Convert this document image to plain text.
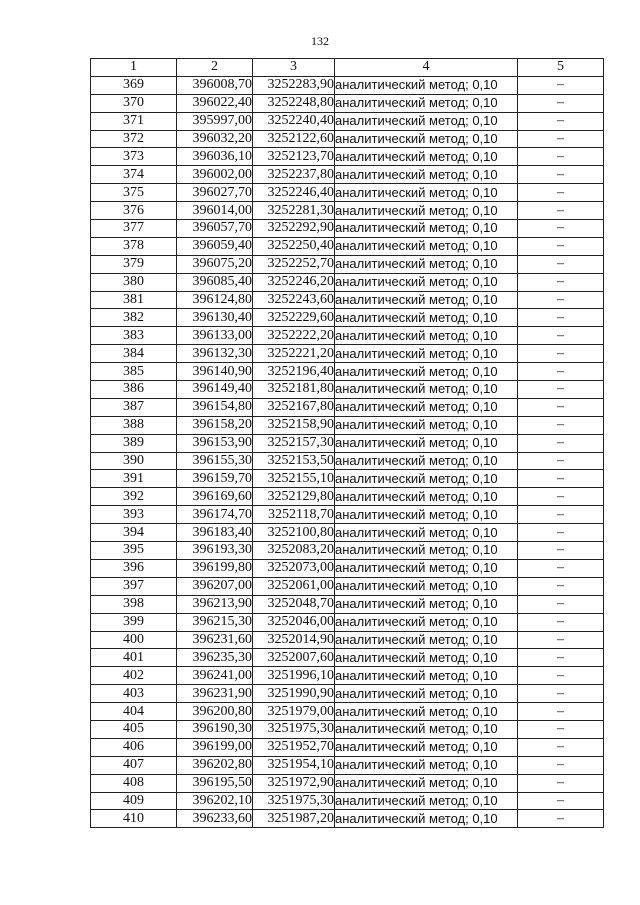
132
1	2	3	4	5
369	396008,70	3252283,90	аналитический метод; 0,10	–
370	396022,40	3252248,80	аналитический метод; 0,10	–
371	395997,00	3252240,40	аналитический метод; 0,10	–
372	396032,20	3252122,60	аналитический метод; 0,10	–
373	396036,10	3252123,70	аналитический метод; 0,10	–
374	396002,00	3252237,80	аналитический метод; 0,10	–
375	396027,70	3252246,40	аналитический метод; 0,10	–
376	396014,00	3252281,30	аналитический метод; 0,10	–
377	396057,70	3252292,90	аналитический метод; 0,10	–
378	396059,40	3252250,40	аналитический метод; 0,10	–
379	396075,20	3252252,70	аналитический метод; 0,10	–
380	396085,40	3252246,20	аналитический метод; 0,10	–
381	396124,80	3252243,60	аналитический метод; 0,10	–
382	396130,40	3252229,60	аналитический метод; 0,10	–
383	396133,00	3252222,20	аналитический метод; 0,10	–
384	396132,30	3252221,20	аналитический метод; 0,10	–
385	396140,90	3252196,40	аналитический метод; 0,10	–
386	396149,40	3252181,80	аналитический метод; 0,10	–
387	396154,80	3252167,80	аналитический метод; 0,10	–
388	396158,20	3252158,90	аналитический метод; 0,10	–
389	396153,90	3252157,30	аналитический метод; 0,10	–
390	396155,30	3252153,50	аналитический метод; 0,10	–
391	396159,70	3252155,10	аналитический метод; 0,10	–
392	396169,60	3252129,80	аналитический метод; 0,10	–
393	396174,70	3252118,70	аналитический метод; 0,10	–
394	396183,40	3252100,80	аналитический метод; 0,10	–
395	396193,30	3252083,20	аналитический метод; 0,10	–
396	396199,80	3252073,00	аналитический метод; 0,10	–
397	396207,00	3252061,00	аналитический метод; 0,10	–
398	396213,90	3252048,70	аналитический метод; 0,10	–
399	396215,30	3252046,00	аналитический метод; 0,10	–
400	396231,60	3252014,90	аналитический метод; 0,10	–
401	396235,30	3252007,60	аналитический метод; 0,10	–
402	396241,00	3251996,10	аналитический метод; 0,10	–
403	396231,90	3251990,90	аналитический метод; 0,10	–
404	396200,80	3251979,00	аналитический метод; 0,10	–
405	396190,30	3251975,30	аналитический метод; 0,10	–
406	396199,00	3251952,70	аналитический метод; 0,10	–
407	396202,80	3251954,10	аналитический метод; 0,10	–
408	396195,50	3251972,90	аналитический метод; 0,10	–
409	396202,10	3251975,30	аналитический метод; 0,10	–
410	396233,60	3251987,20	аналитический метод; 0,10	–
